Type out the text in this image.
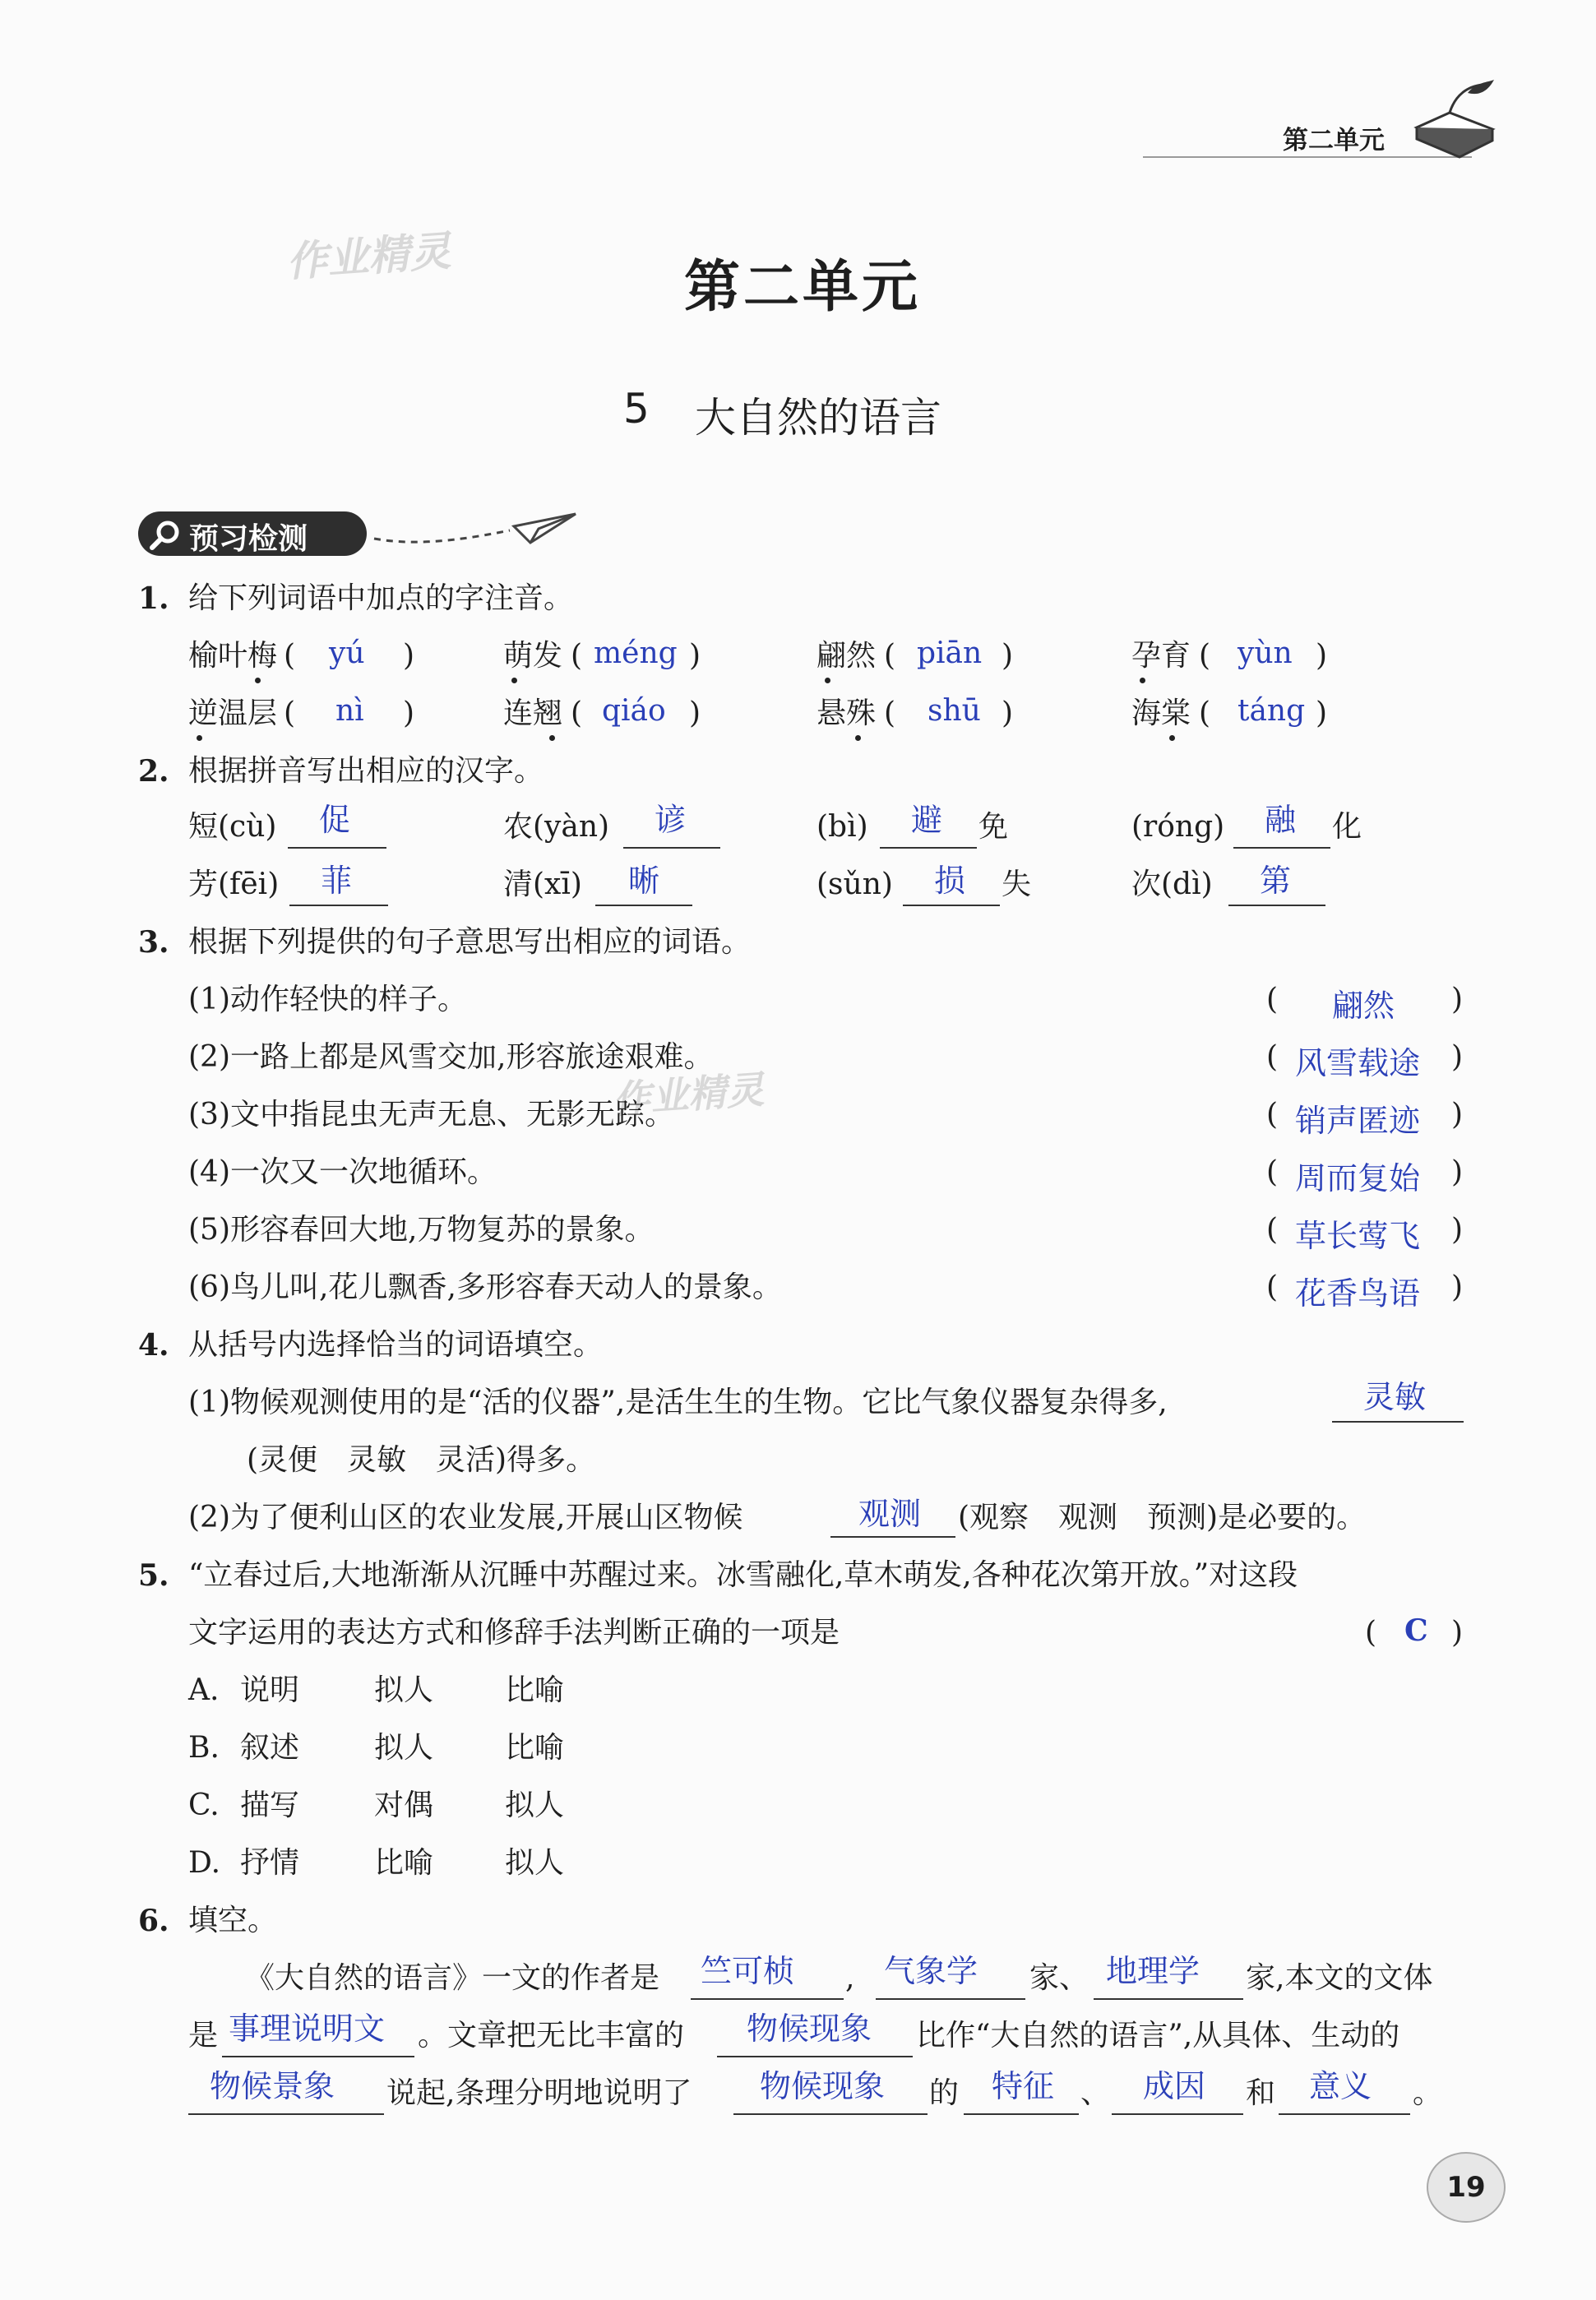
第二单元
作业精灵
作业精灵
第二单元
5 大自然的语言
预习检测
1. 给下列词语中加点的字注音。
榆叶梅 ( yú )	萌发 ( méng )	翩然 ( piān )	孕育 ( yùn )
逆温层 ( nì )	连翘 ( qiáo )	悬殊 ( shū )	海棠 ( táng )
2. 根据拼音写出相应的汉字。
短(cù) 促	农(yàn) 谚	(bì) 避 免	(róng) 融 化
芳(fēi) 菲	清(xī) 晰	(sǔn) 损 失	次(dì) 第
3. 根据下列提供的句子意思写出相应的词语。
(1)动作轻快的样子。	( 翩然 )
(2)一路上都是风雪交加,形容旅途艰难。	( 风雪载途 )
(3)文中指昆虫无声无息、无影无踪。	( 销声匿迹 )
(4)一次又一次地循环。	( 周而复始 )
(5)形容春回大地,万物复苏的景象。	( 草长莺飞 )
(6)鸟儿叫,花儿飘香,多形容春天动人的景象。	( 花香鸟语 )
4. 从括号内选择恰当的词语填空。
(1)物候观测使用的是“活的仪器”,是活生生的生物。它比气象仪器复杂得多,	灵敏
(灵便　灵敏　灵活)得多。
(2)为了便利山区的农业发展,开展山区物候	观测 (观察　观测　预测)是必要的。
5. “立春过后,大地渐渐从沉睡中苏醒过来。冰雪融化,草木萌发,各种花次第开放。”对这段
文字运用的表达方式和修辞手法判断正确的一项是	( C )
A. 说明	拟人 比喻
B. 叙述	拟人 比喻
C. 描写	对偶 拟人
D. 抒情	比喻 拟人
6. 填空。
《大自然的语言》一文的作者是 竺可桢 , 气象学 家、 地理学 家,本文的文体
是 事理说明文 。文章把无比丰富的 物候现象 比作“大自然的语言”,从具体、生动的
物候景象 说起,条理分明地说明了 物候现象 的 特征 、 成因 和 意义 。
19
